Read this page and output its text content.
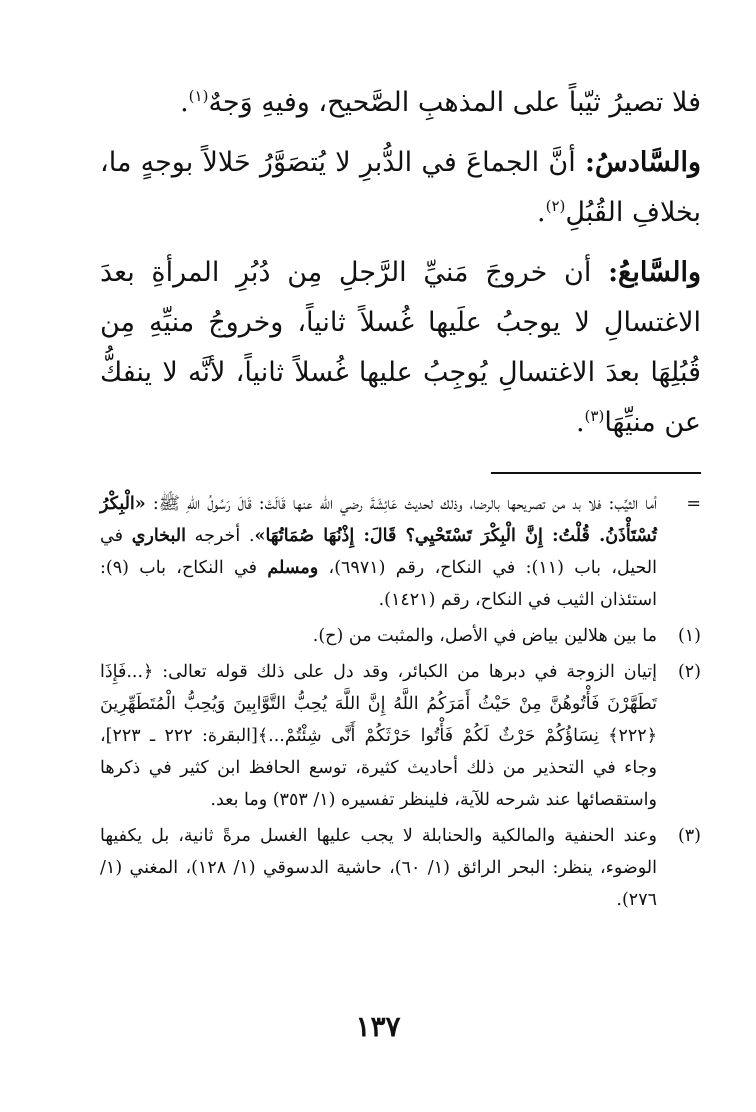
فلا تصيرُ ثيّباً على المذهبِ الصَّحيح، وفيهِ وَجهٌ$^{(١)}$.

والسَّادسُ: أنَّ الجماعَ في الدُّبرِ لا يُتصَوَّرُ حَلالاً بوجهٍ ما، بخلافِ القُبُلِ$^{(٢)}$.

والسَّابعُ: أن خروجَ مَنيِّ الرَّجلِ مِن دُبُرِ المرأةِ بعدَ الاغتسالِ لا يوجبُ علَيها غُسلاً ثانياً، وخروجُ منيِّهِ مِن قُبُلِهَا بعدَ الاغتسالِ يُوجِبُ عليها غُسلاً ثانياً، لأنَّه لا ينفكُّ عن منيِّهَا$^{(٣)}$.

=
أما الثيِّب: فلا بد من تصريحها بالرضا، وذلك لحديث عَائِشَةَ رضي الله عنها قَالَتْ: قَالَ رَسُولُ اللهِ ﷺ: «الْبِكْرُ تُسْتَأْذَنُ. قُلْتُ: إِنَّ الْبِكْرَ تَسْتَحْيِي؟ قَالَ: إِذْنُهَا صُمَاتُهَا». أخرجه البخاري في الحيل، باب (١١): في النكاح، رقم (٦٩٧١)، ومسلم في النكاح، باب (٩): استئذان الثيب في النكاح، رقم (١٤٢١).
(١)
ما بين هلالين بياض في الأصل، والمثبت من (ح).
(٢)
إتيان الزوجة في دبرها من الكبائر، وقد دل على ذلك قوله تعالى: ﴿...فَإِذَا تَطَهَّرْنَ فَأْتُوهُنَّ مِنْ حَيْثُ أَمَرَكُمُ اللَّهُ إِنَّ اللَّهَ يُحِبُّ التَّوَّابِينَ وَيُحِبُّ الْمُتَطَهِّرِينَ ﴿٢٢٢﴾ نِسَاؤُكُمْ حَرْثٌ لَكُمْ فَأْتُوا حَرْثَكُمْ أَنَّى شِئْتُمْ...﴾[البقرة: ٢٢٢ ـ ٢٢٣]، وجاء في التحذير من ذلك أحاديث كثيرة، توسع الحافظ ابن كثير في ذكرها واستقصائها عند شرحه للآية، فلينظر تفسيره (١/ ٣٥٣) وما بعد.
(٣)
وعند الحنفية والمالكية والحنابلة لا يجب عليها الغسل مرةً ثانية، بل يكفيها الوضوء، ينظر: البحر الرائق (١/ ٦٠)، حاشية الدسوقي (١/ ١٢٨)، المغني (١/ ٢٧٦).
١٣٧
